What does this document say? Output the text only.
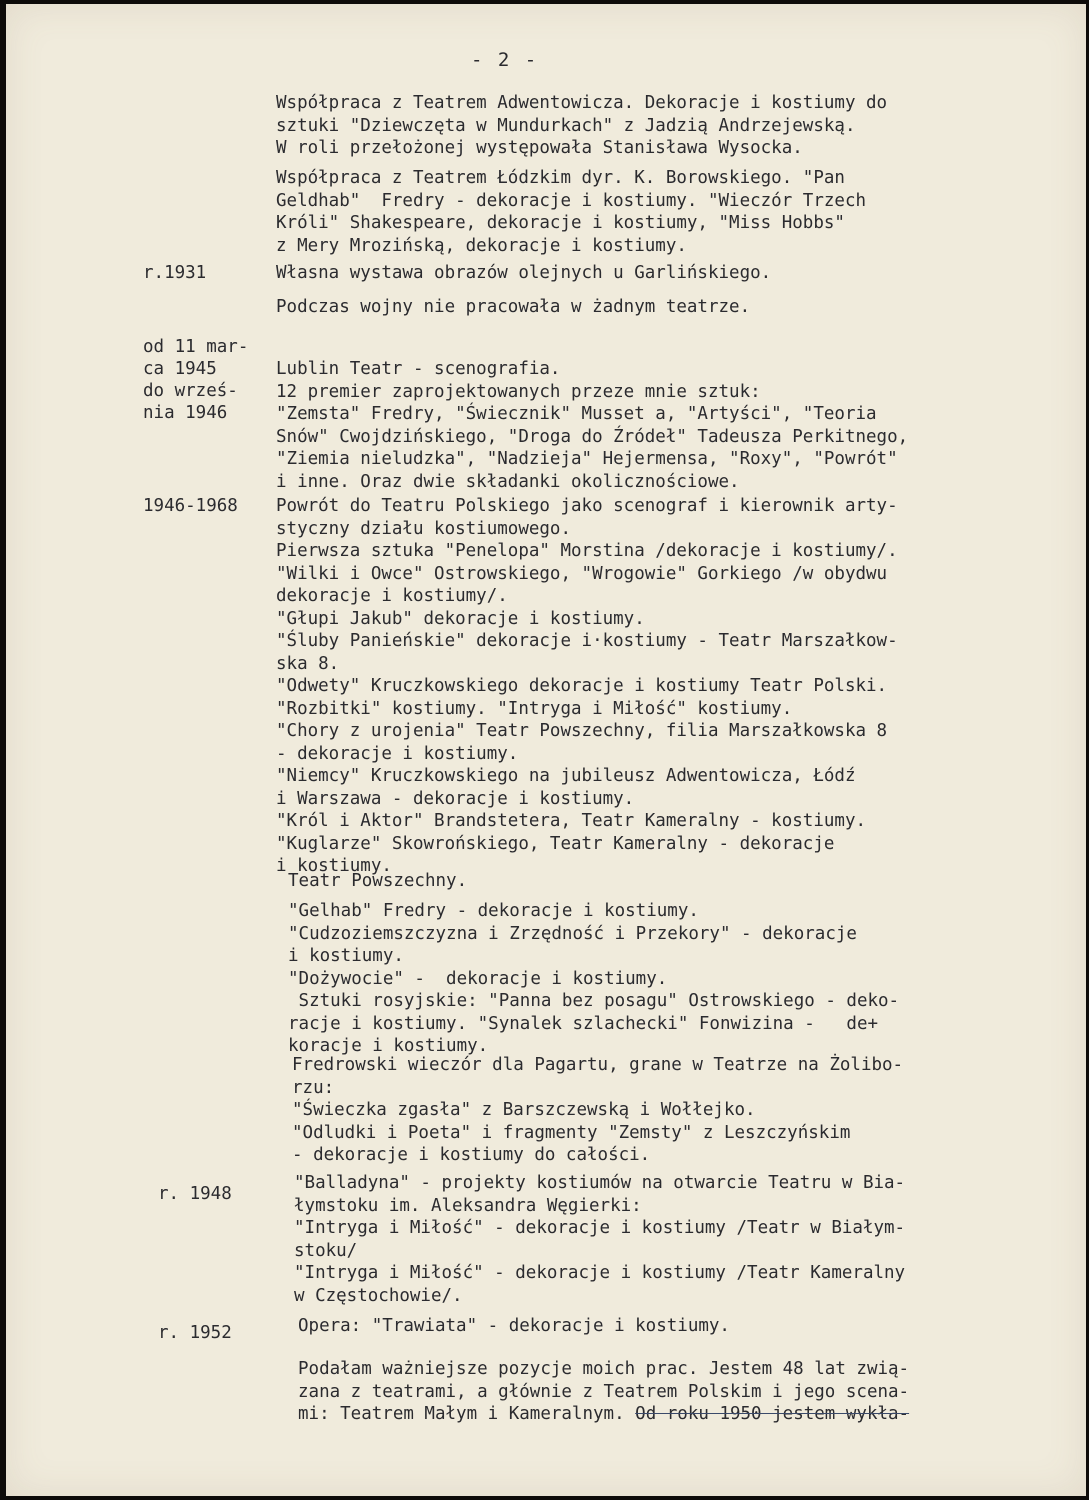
- 2 -
r.1931
od 11 mar-
ca 1945
do wrześ-
nia 1946
1946-1968
r. 1948
r. 1952
Współpraca z Teatrem Adwentowicza. Dekoracje i kostiumy do
sztuki "Dziewczęta w Mundurkach" z Jadzią Andrzejewską.
W roli przełożonej występowała Stanisława Wysocka.
Współpraca z Teatrem Łódzkim dyr. K. Borowskiego. "Pan
Geldhab"  Fredry - dekoracje i kostiumy. "Wieczór Trzech
Króli" Shakespeare, dekoracje i kostiumy, "Miss Hobbs"
z Mery Mrozińską, dekoracje i kostiumy.
Własna wystawa obrazów olejnych u Garlińskiego.
Podczas wojny nie pracowała w żadnym teatrze.
Lublin Teatr - scenografia.
12 premier zaprojektowanych przeze mnie sztuk:
"Zemsta" Fredry, "Świecznik" Musset a, "Artyści", "Teoria
Snów" Cwojdzińskiego, "Droga do Źródeł" Tadeusza Perkitnego,
"Ziemia nieludzka", "Nadzieja" Hejermensa, "Roxy", "Powrót"
i inne. Oraz dwie składanki okolicznościowe.
Powrót do Teatru Polskiego jako scenograf i kierownik arty-
styczny działu kostiumowego.
Pierwsza sztuka "Penelopa" Morstina /dekoracje i kostiumy/.
"Wilki i Owce" Ostrowskiego, "Wrogowie" Gorkiego /w obydwu
dekoracje i kostiumy/.
"Głupi Jakub" dekoracje i kostiumy.
"Śluby Panieńskie" dekoracje i·kostiumy - Teatr Marszałkow-
ska 8.
"Odwety" Kruczkowskiego dekoracje i kostiumy Teatr Polski.
"Rozbitki" kostiumy. "Intryga i Miłość" kostiumy.
"Chory z urojenia" Teatr Powszechny, filia Marszałkowska 8
- dekoracje i kostiumy.
"Niemcy" Kruczkowskiego na jubileusz Adwentowicza, Łódź
i Warszawa - dekoracje i kostiumy.
"Król i Aktor" Brandstetera, Teatr Kameralny - kostiumy.
"Kuglarze" Skowrońskiego, Teatr Kameralny - dekoracje
i kostiumy.
Teatr Powszechny.
"Gelhab" Fredry - dekoracje i kostiumy.
"Cudzoziemszczyzna i Zrzędność i Przekory" - dekoracje
i kostiumy.
"Dożywocie" -  dekoracje i kostiumy.
Sztuki rosyjskie: "Panna bez posagu" Ostrowskiego - deko-
racje i kostiumy. "Synalek szlachecki" Fonwizina -   de+
koracje i kostiumy.
Fredrowski wieczór dla Pagartu, grane w Teatrze na Żolibo-
rzu:
"Świeczka zgasła" z Barszczewską i Wołłejko.
"Odludki i Poeta" i fragmenty "Zemsty" z Leszczyńskim
- dekoracje i kostiumy do całości.
"Balladyna" - projekty kostiumów na otwarcie Teatru w Bia-
łymstoku im. Aleksandra Węgierki:
"Intryga i Miłość" - dekoracje i kostiumy /Teatr w Białym-
stoku/
"Intryga i Miłość" - dekoracje i kostiumy /Teatr Kameralny
w Częstochowie/.
Opera: "Trawiata" - dekoracje i kostiumy.
Podałam ważniejsze pozycje moich prac. Jestem 48 lat zwią-
zana z teatrami, a głównie z Teatrem Polskim i jego scena-
mi: Teatrem Małym i Kameralnym. Od roku 1950 jestem wykła-
